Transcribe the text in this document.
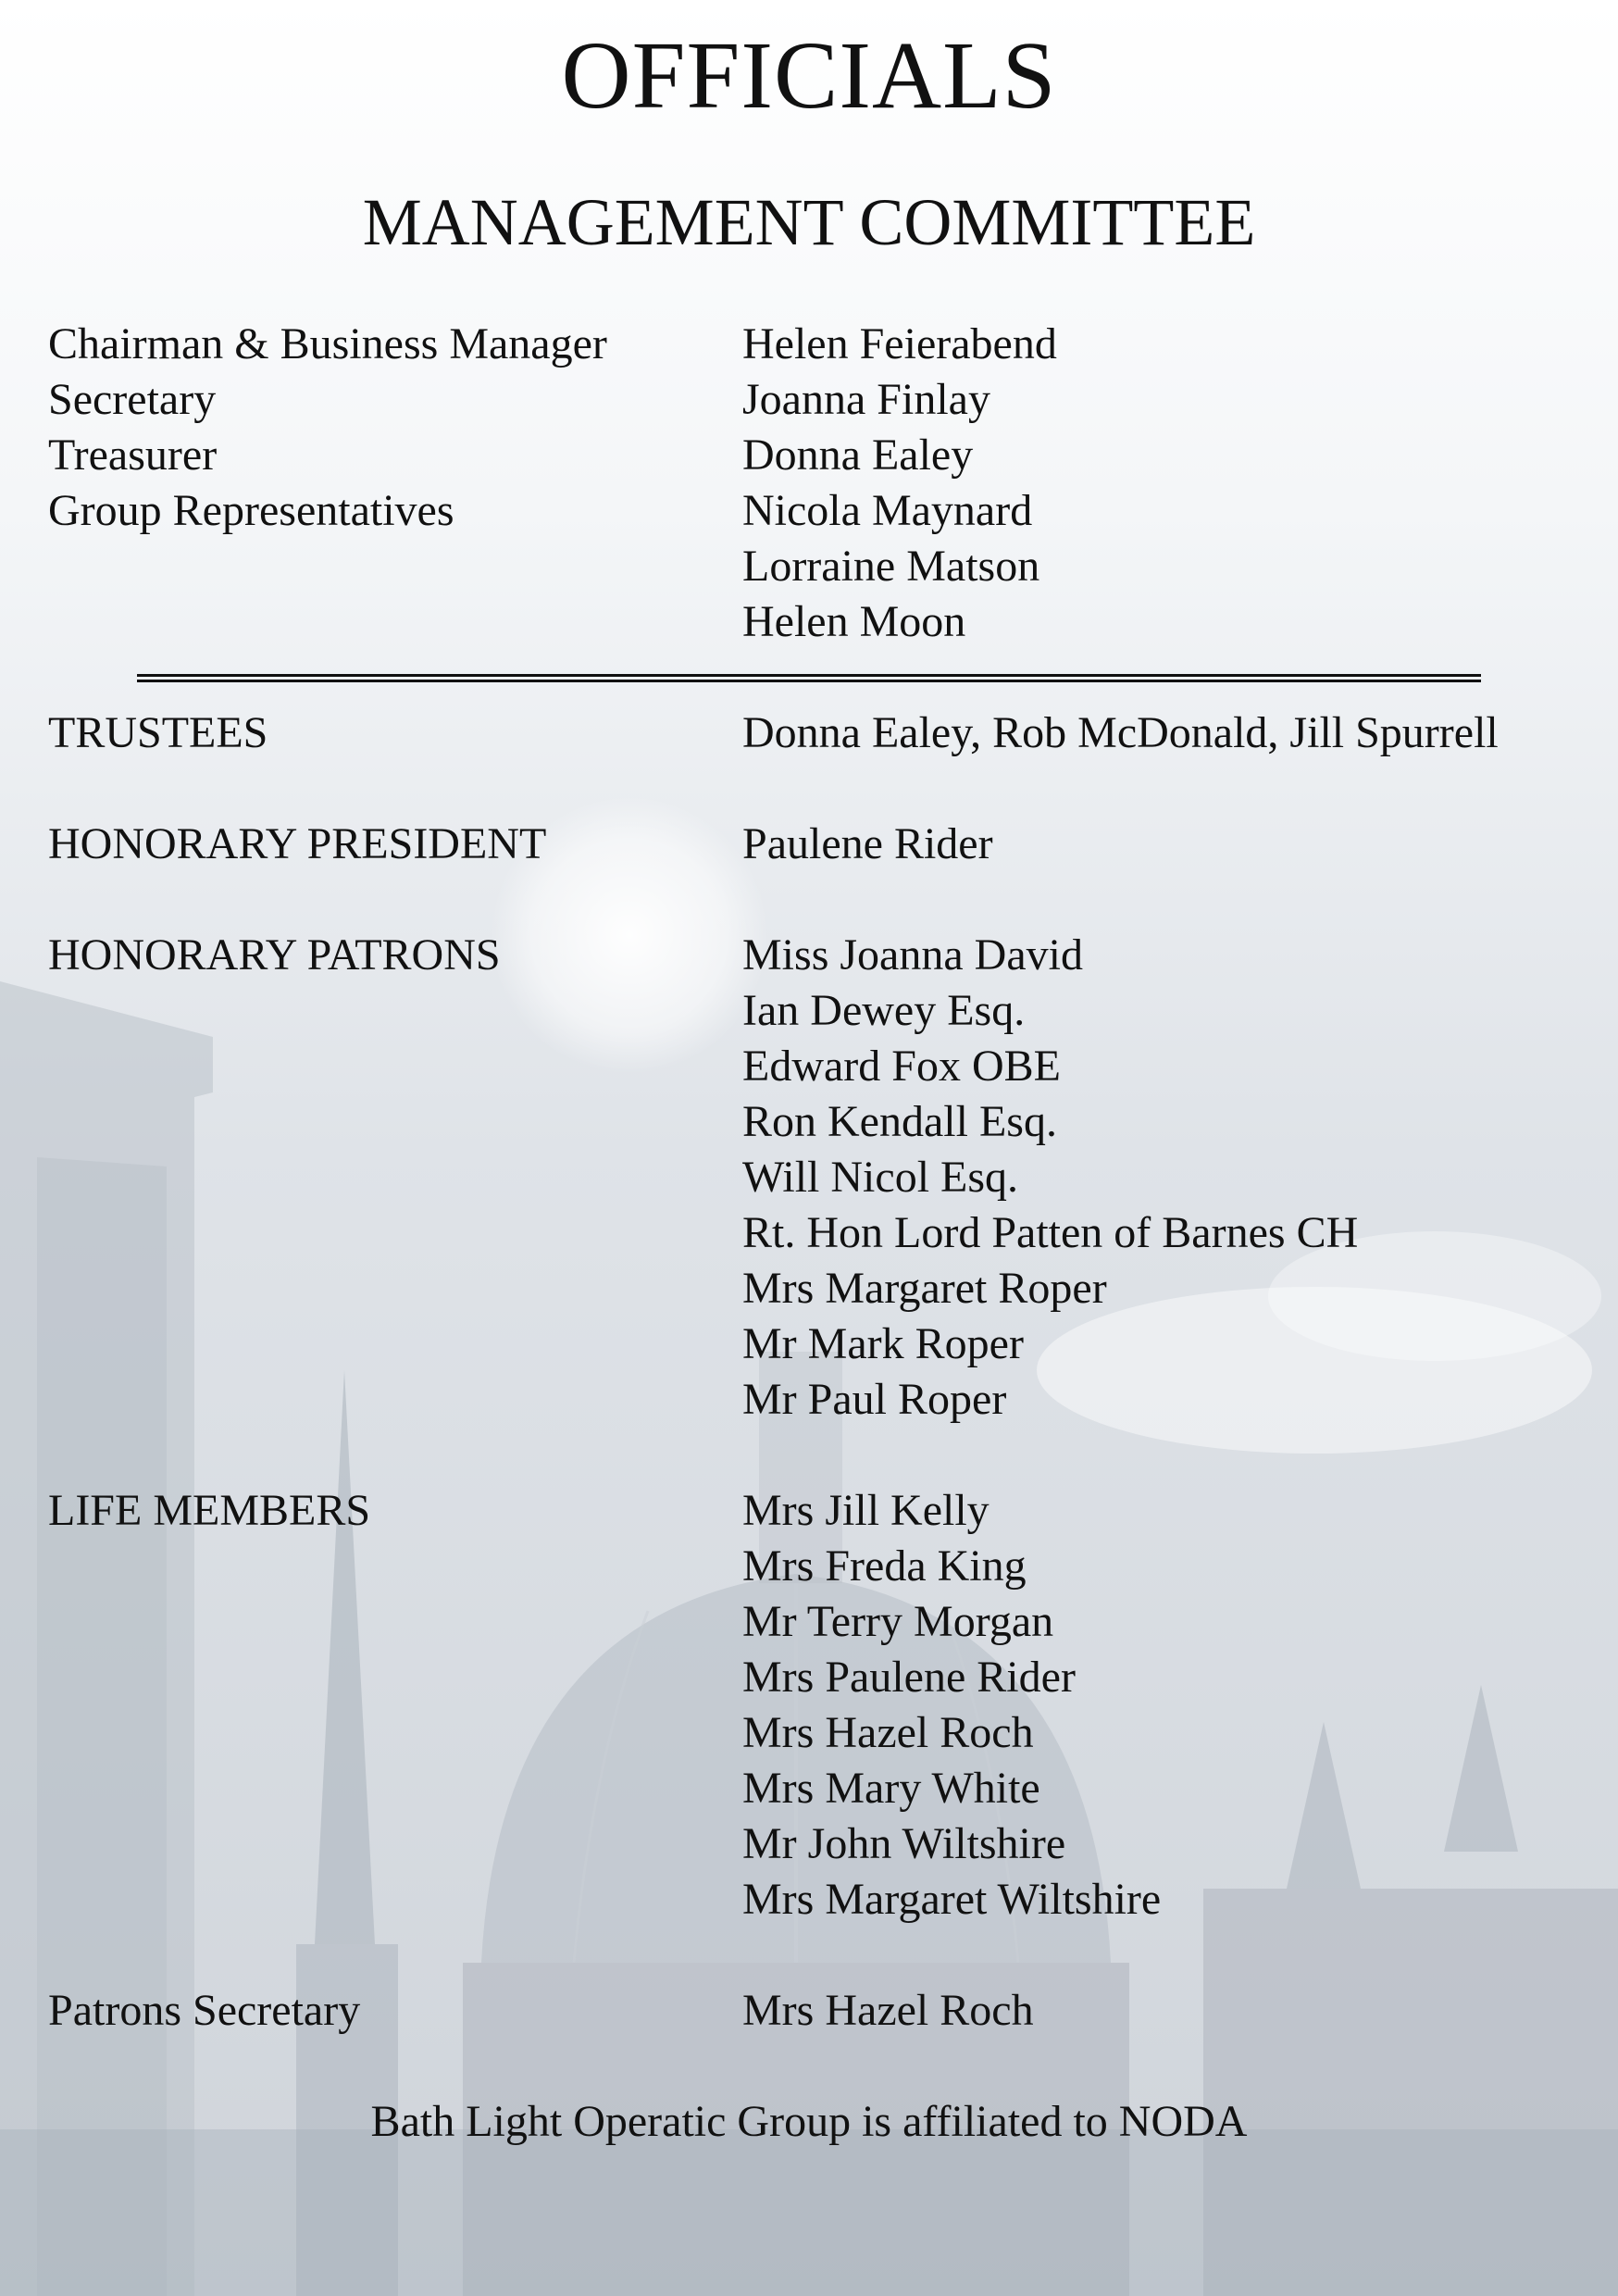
OFFICIALS
MANAGEMENT COMMITTEE
Chairman & Business Manager	Helen Feierabend
Secretary	Joanna Finlay
Treasurer	Donna Ealey
Group Representatives	Nicola Maynard
Lorraine Matson
Helen Moon
TRUSTEES	Donna Ealey, Rob McDonald, Jill Spurrell
HONORARY PRESIDENT	Paulene Rider
HONORARY PATRONS	Miss Joanna David
Ian Dewey Esq.
Edward Fox OBE
Ron Kendall Esq.
Will Nicol Esq.
Rt. Hon Lord Patten of Barnes CH
Mrs Margaret Roper
Mr Mark Roper
Mr Paul Roper
LIFE MEMBERS	Mrs Jill Kelly
Mrs Freda King
Mr Terry Morgan
Mrs Paulene Rider
Mrs Hazel Roch
Mrs Mary White
Mr John Wiltshire
Mrs Margaret Wiltshire
Patrons Secretary	Mrs Hazel Roch
Bath Light Operatic Group is affiliated to NODA
